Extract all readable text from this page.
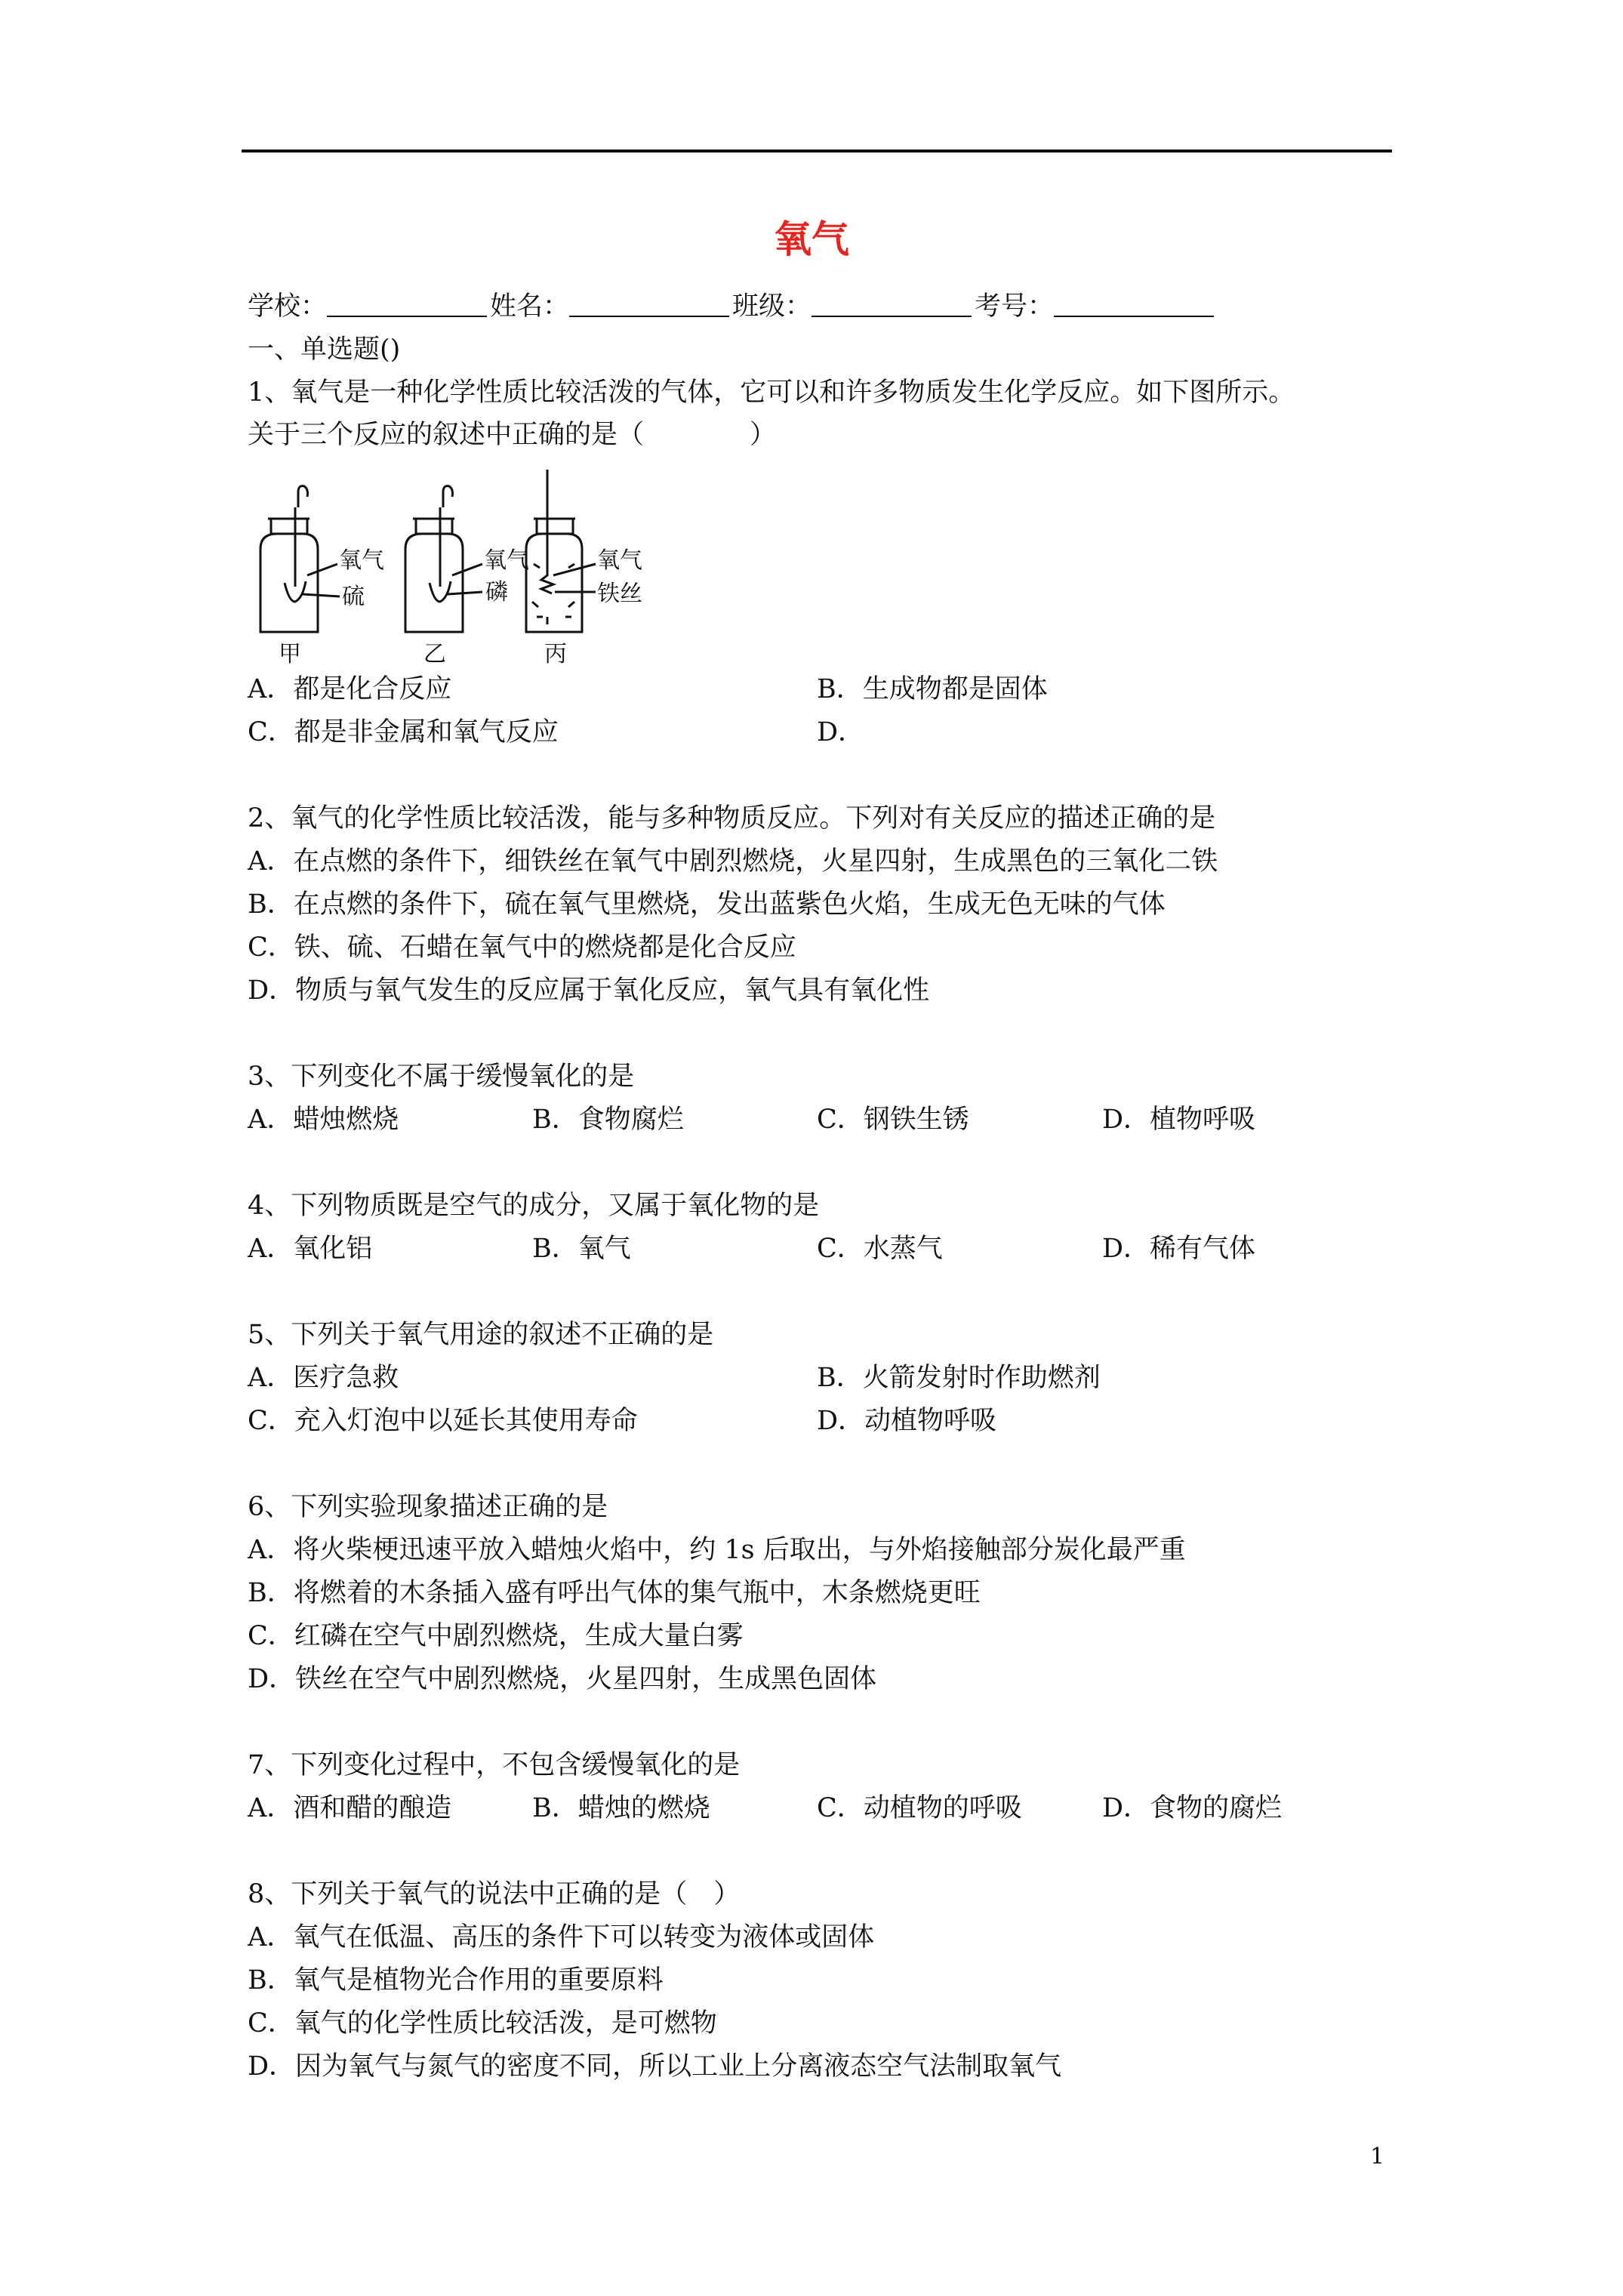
氧气
学校：	姓名：	班级：	考号：
一、单选题()
1、氧气是一种化学性质比较活泼的气体，它可以和许多物质发生化学反应。如下图所示。
关于三个反应的叙述中正确的是（　　　　）
氧气
硫
甲
氧气
磷
乙
氧气
铁丝
丙
A．都是化合反应	B．生成物都是固体
C．都是非金属和氧气反应	D．
2、氧气的化学性质比较活泼，能与多种物质反应。下列对有关反应的描述正确的是
A．在点燃的条件下，细铁丝在氧气中剧烈燃烧，火星四射，生成黑色的三氧化二铁
B．在点燃的条件下，硫在氧气里燃烧，发出蓝紫色火焰，生成无色无味的气体
C．铁、硫、石蜡在氧气中的燃烧都是化合反应
D．物质与氧气发生的反应属于氧化反应，氧气具有氧化性
3、下列变化不属于缓慢氧化的是
A．蜡烛燃烧	B．食物腐烂	C．钢铁生锈	D．植物呼吸
4、下列物质既是空气的成分，又属于氧化物的是
A．氧化铝	B．氧气	C．水蒸气	D．稀有气体
5、下列关于氧气用途的叙述不正确的是
A．医疗急救	B．火箭发射时作助燃剂
C．充入灯泡中以延长其使用寿命	D．动植物呼吸
6、下列实验现象描述正确的是
A．将火柴梗迅速平放入蜡烛火焰中，约 1s 后取出，与外焰接触部分炭化最严重
B．将燃着的木条插入盛有呼出气体的集气瓶中，木条燃烧更旺
C．红磷在空气中剧烈燃烧，生成大量白雾
D．铁丝在空气中剧烈燃烧，火星四射，生成黑色固体
7、下列变化过程中，不包含缓慢氧化的是
A．酒和醋的酿造	B．蜡烛的燃烧	C．动植物的呼吸	D．食物的腐烂
8、下列关于氧气的说法中正确的是（　）
A．氧气在低温、高压的条件下可以转变为液体或固体
B．氧气是植物光合作用的重要原料
C．氧气的化学性质比较活泼，是可燃物
D．因为氧气与氮气的密度不同，所以工业上分离液态空气法制取氧气
1
